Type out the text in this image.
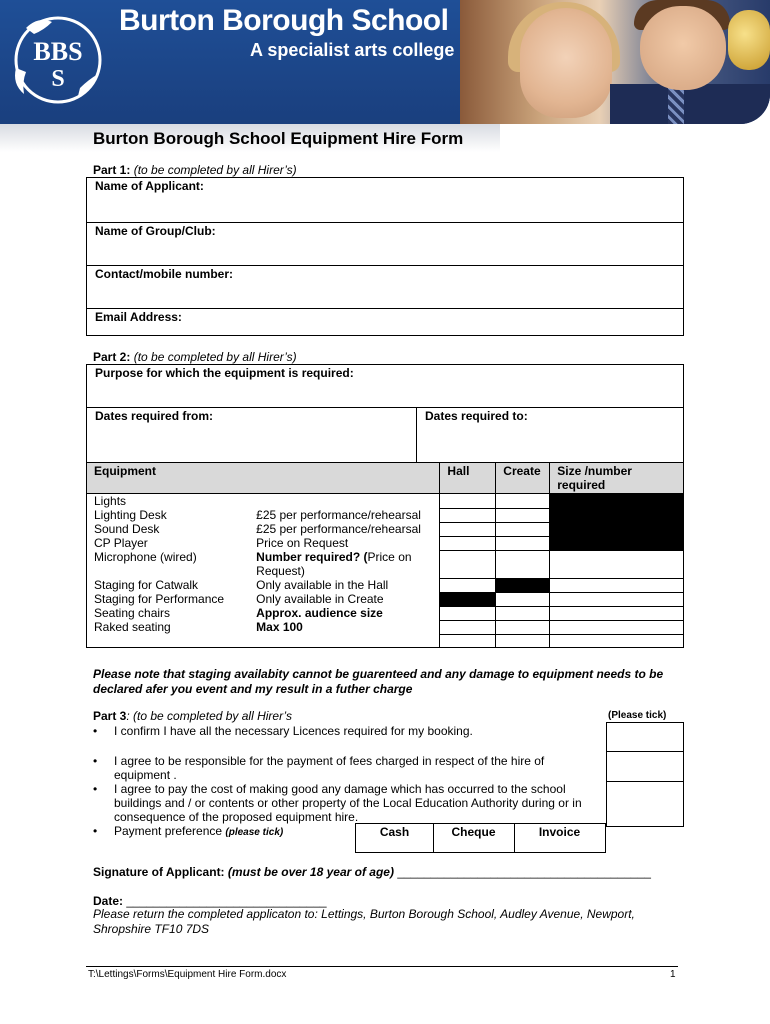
BBS
S
Burton Borough School
A specialist arts college
Burton Borough School Equipment Hire Form
Part 1: (to be completed by all Hirer’s)
Name of Applicant:
Name of Group/Club:
Contact/mobile number:
Email Address:
Part 2: (to be completed by all Hirer’s)
Purpose for which the equipment is required:
Dates required from:	Dates required to:
Equipment		Hall	Create	Size /number required
Lights				
Lighting Desk	£25 per performance/rehearsal			
Sound Desk	£25 per performance/rehearsal			
CP Player	Price on Request			
Microphone (wired)	Number required? (Price on Request)			
Staging for Catwalk	Only available in the Hall			
Staging for Performance	Only available in Create			
Seating chairs	Approx. audience size			
Raked seating	Max 100			

Please note that staging availabity cannot be guarenteed and any damage to equipment needs to be declared afer you event and my result in a futher charge
Part 3: (to be completed by all Hirer’s	(Please tick)
• I confirm I have all the necessary Licences required for my booking.
• I agree to be responsible for the payment of fees charged in respect of the hire of equipment .
• I agree to pay the cost of making good any damage which has occurred to the school buildings and / or contents or other property of the Local Education Authority during or in consequence of the proposed equipment hire.
• Payment preference (please tick)	Cash	Cheque	Invoice
Signature of Applicant: (must be over 18 year of age) ______________________________________
Date: ______________________________
Please return the completed applicaton to: Lettings, Burton Borough School, Audley Avenue, Newport, Shropshire TF10 7DS
T:\Lettings\Forms\Equipment Hire Form.docx	1
